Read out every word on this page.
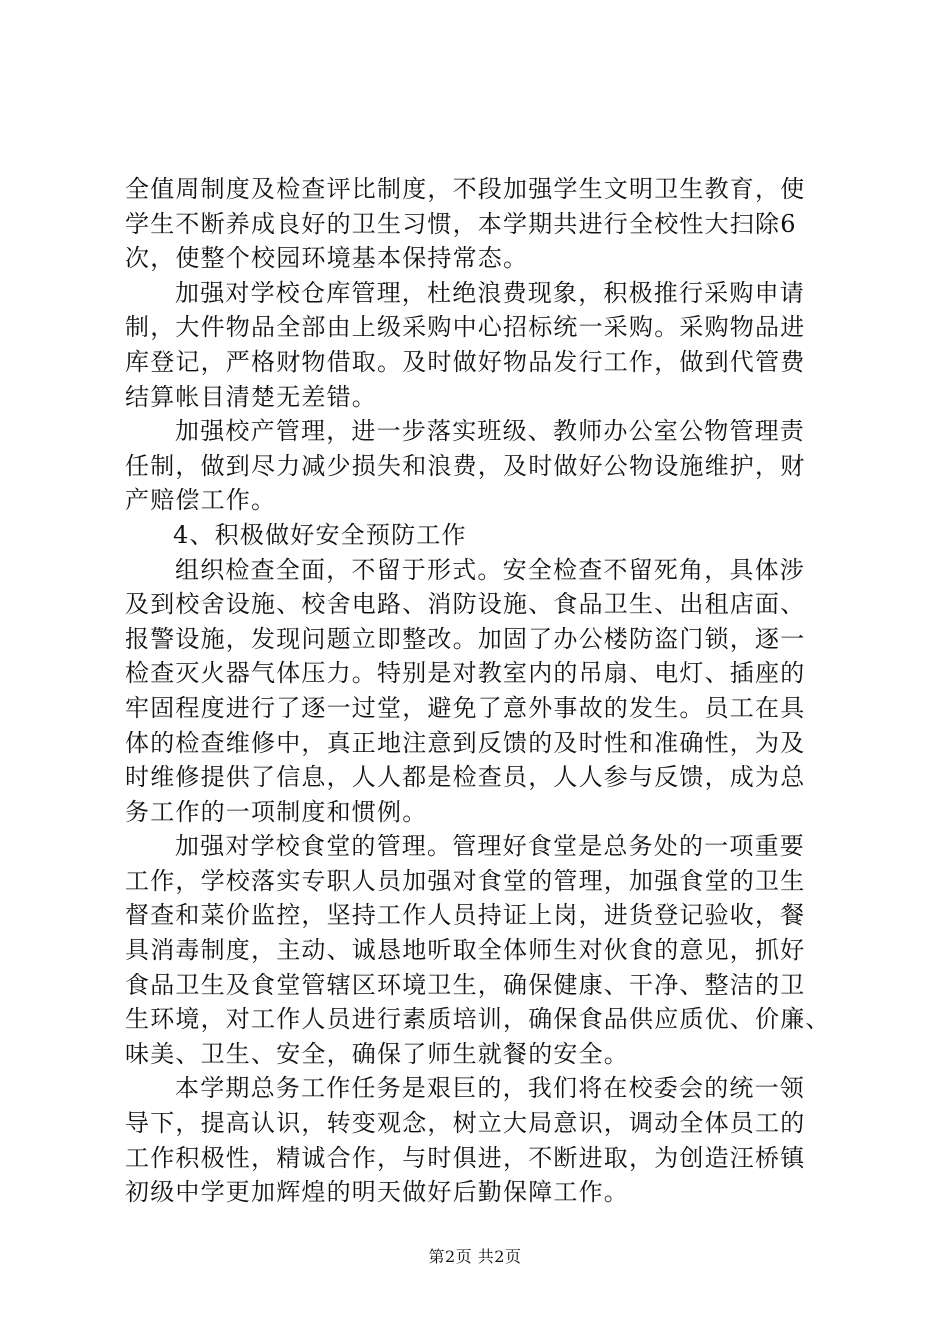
全值周制度及检查评比制度，不段加强学生文明卫生教育，使
学生不断养成良好的卫生习惯，本学期共进行全校性大扫除6
次，使整个校园环境基本保持常态。
加强对学校仓库管理，杜绝浪费现象，积极推行采购申请
制，大件物品全部由上级采购中心招标统一采购。采购物品进
库登记，严格财物借取。及时做好物品发行工作，做到代管费
结算帐目清楚无差错。
加强校产管理，进一步落实班级、教师办公室公物管理责
任制，做到尽力减少损失和浪费，及时做好公物设施维护，财
产赔偿工作。
4、积极做好安全预防工作
组织检查全面，不留于形式。安全检查不留死角，具体涉
及到校舍设施、校舍电路、消防设施、食品卫生、出租店面、
报警设施，发现问题立即整改。加固了办公楼防盗门锁，逐一
检查灭火器气体压力。特别是对教室内的吊扇、电灯、插座的
牢固程度进行了逐一过堂，避免了意外事故的发生。员工在具
体的检查维修中，真正地注意到反馈的及时性和准确性，为及
时维修提供了信息，人人都是检查员，人人参与反馈，成为总
务工作的一项制度和惯例。
加强对学校食堂的管理。管理好食堂是总务处的一项重要
工作，学校落实专职人员加强对食堂的管理，加强食堂的卫生
督查和菜价监控，坚持工作人员持证上岗，进货登记验收，餐
具消毒制度，主动、诚恳地听取全体师生对伙食的意见，抓好
食品卫生及食堂管辖区环境卫生，确保健康、干净、整洁的卫
生环境，对工作人员进行素质培训，确保食品供应质优、价廉、
味美、卫生、安全，确保了师生就餐的安全。
本学期总务工作任务是艰巨的，我们将在校委会的统一领
导下，提高认识，转变观念，树立大局意识，调动全体员工的
工作积极性，精诚合作，与时俱进，不断进取，为创造汪桥镇
初级中学更加辉煌的明天做好后勤保障工作。
第2页 共2页
